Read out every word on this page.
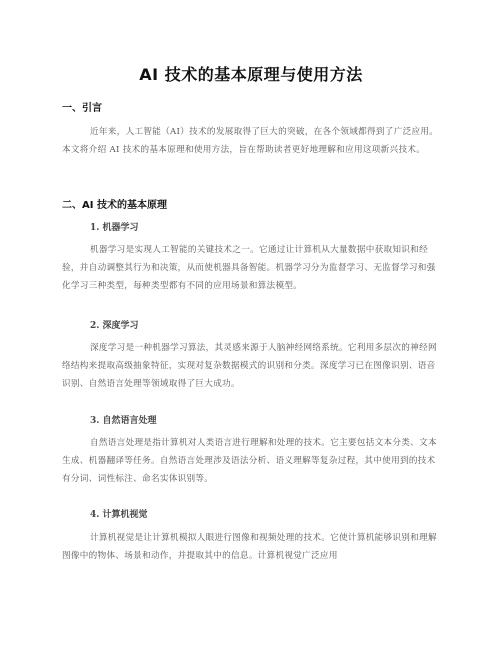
AI 技术的基本原理与使用方法
一、引言

近年来，人工智能（AI）技术的发展取得了巨大的突破，在各个领域都得到了广泛应用。本文将介绍 AI 技术的基本原理和使用方法，旨在帮助读者更好地理解和应用这项新兴技术。

二、AI 技术的基本原理
1. 机器学习

机器学习是实现人工智能的关键技术之一。它通过让计算机从大量数据中获取知识和经验，并自动调整其行为和决策，从而使机器具备智能。机器学习分为监督学习、无监督学习和强化学习三种类型，每种类型都有不同的应用场景和算法模型。

2. 深度学习

深度学习是一种机器学习算法，其灵感来源于人脑神经网络系统。它利用多层次的神经网络结构来提取高级抽象特征，实现对复杂数据模式的识别和分类。深度学习已在图像识别、语音识别、自然语言处理等领域取得了巨大成功。

3. 自然语言处理

自然语言处理是指计算机对人类语言进行理解和处理的技术。它主要包括文本分类、文本生成、机器翻译等任务。自然语言处理涉及语法分析、语义理解等复杂过程，其中使用到的技术有分词、词性标注、命名实体识别等。

4. 计算机视觉

计算机视觉是让计算机模拟人眼进行图像和视频处理的技术。它使计算机能够识别和理解图像中的物体、场景和动作，并提取其中的信息。计算机视觉广泛应用
